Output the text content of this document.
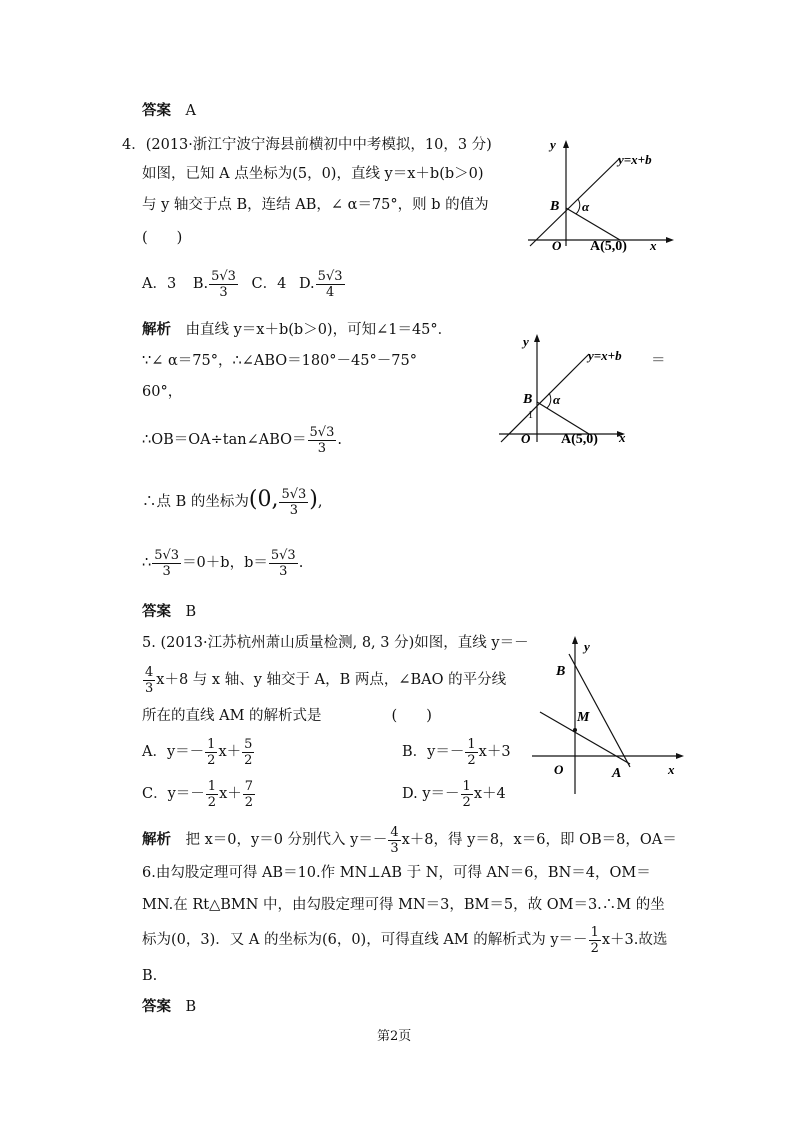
答案　 A
4．(2013·浙江宁波宁海县前横初中中考模拟，10，3 分)
如图，已知 A 点坐标为(5，0)，直线 y＝x＋b(b＞0)
与 y 轴交于点 B，连结 AB，∠ α＝75°，则 b 的值为
(　　)
A．3 B. $\frac{5√3}{3}$ C．4 D. $\frac{5√3}{4}$
y
x
O
B α
A(5,0)
y=x+b
解析　 由直线 y＝x＋b(b＞0)，可知∠1＝45°．
∵∠ α＝75°，∴∠ABO＝180°－45°－75°	＝
60°，
∴OB＝OA÷tan∠ABO＝ $\frac{5√3}{3}$ .
∴点 B 的坐标为(0, $\frac{5√3}{3}$ ),
∴ $\frac{5√3}{3} =0+b$，$b= \frac{5√3}{3}$ .
y
x
O
B
1
α
A(5,0)
y=x+b
答案　 B
5. (2013·江苏杭州萧山质量检测, 8, 3 分)如图，直线 y＝－
$\frac{4}{3} x+8$ 与 x 轴、y 轴交于 A，B 两点，∠BAO 的平分线
所在的直线 AM 的解析式是	(　　)
A．$y=- \frac{1}{2} x+ \frac{5}{2}$	B．$y=- \frac{1}{2} x+3$
C．$y=- \frac{1}{2} x+ \frac{7}{2}$	D. $y=- \frac{1}{2} x+4$
y
x
O
B
M
A
解析　 把 x＝0，y＝0 分别代入 $y=- \frac{4}{3} x+8$，得 y＝8，x＝6，即 OB＝8，OA＝
6.由勾股定理可得 AB＝10.作 MN⊥AB 于 N，可得 AN＝6，BN＝4，OM＝
MN.在 Rt△BMN 中，由勾股定理可得 MN＝3，BM＝5，故 OM＝3.∴M 的坐
标为(0，3)．又 A 的坐标为(6，0)，可得直线 AM 的解析式为 $y=- \frac{1}{2} x+3$.故选
B.
答案　 B
第2页
